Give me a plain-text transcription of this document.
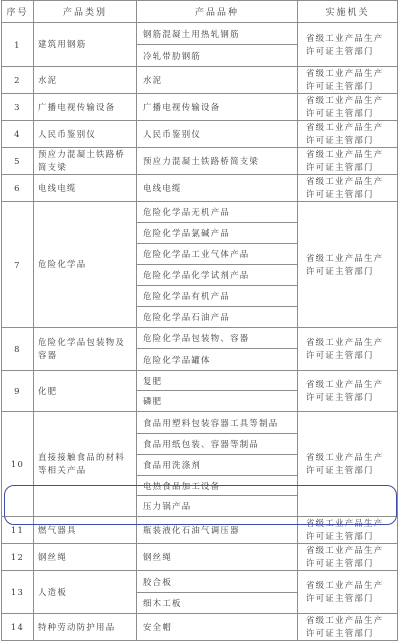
序号	产品类别	产品品种	实施机关
1	建筑用钢筋	钢筋混凝土用热轧钢筋	省级工业产品生产许可证主管部门
		冷轧带肋钢筋	
2	水泥	水泥	省级工业产品生产许可证主管部门
3	广播电视传输设备	广播电视传输设备	省级工业产品生产许可证主管部门
4	人民币鉴别仪	人民币鉴别仪	省级工业产品生产许可证主管部门
5	预应力混凝土铁路桥简支梁	预应力混凝土铁路桥简支梁	省级工业产品生产许可证主管部门
6	电线电缆	电线电缆	省级工业产品生产许可证主管部门
7	危险化学品	危险化学品无机产品	省级工业产品生产许可证主管部门
		危险化学品氯碱产品	
		危险化学品工业气体产品	
		危险化学品化学试剂产品	
		危险化学品有机产品	
		危险化学品石油产品	
8	危险化学品包装物及容器	危险化学品包装物、容器	省级工业产品生产许可证主管部门
		危险化学品罐体	
9	化肥	复肥	省级工业产品生产许可证主管部门
		磷肥	
10	直接接触食品的材料等相关产品	食品用塑料包装容器工具等制品	省级工业产品生产许可证主管部门
		食品用纸包装、容器等制品	
		食品用洗涤剂	
		电热食品加工设备	
		压力锅产品	
11	燃气器具	瓶装液化石油气调压器	省级工业产品生产许可证主管部门
12	钢丝绳	钢丝绳	省级工业产品生产许可证主管部门
13	人造板	胶合板	省级工业产品生产许可证主管部门
		细木工板	
14	特种劳动防护用品	安全帽	省级工业产品生产许可证主管部门
